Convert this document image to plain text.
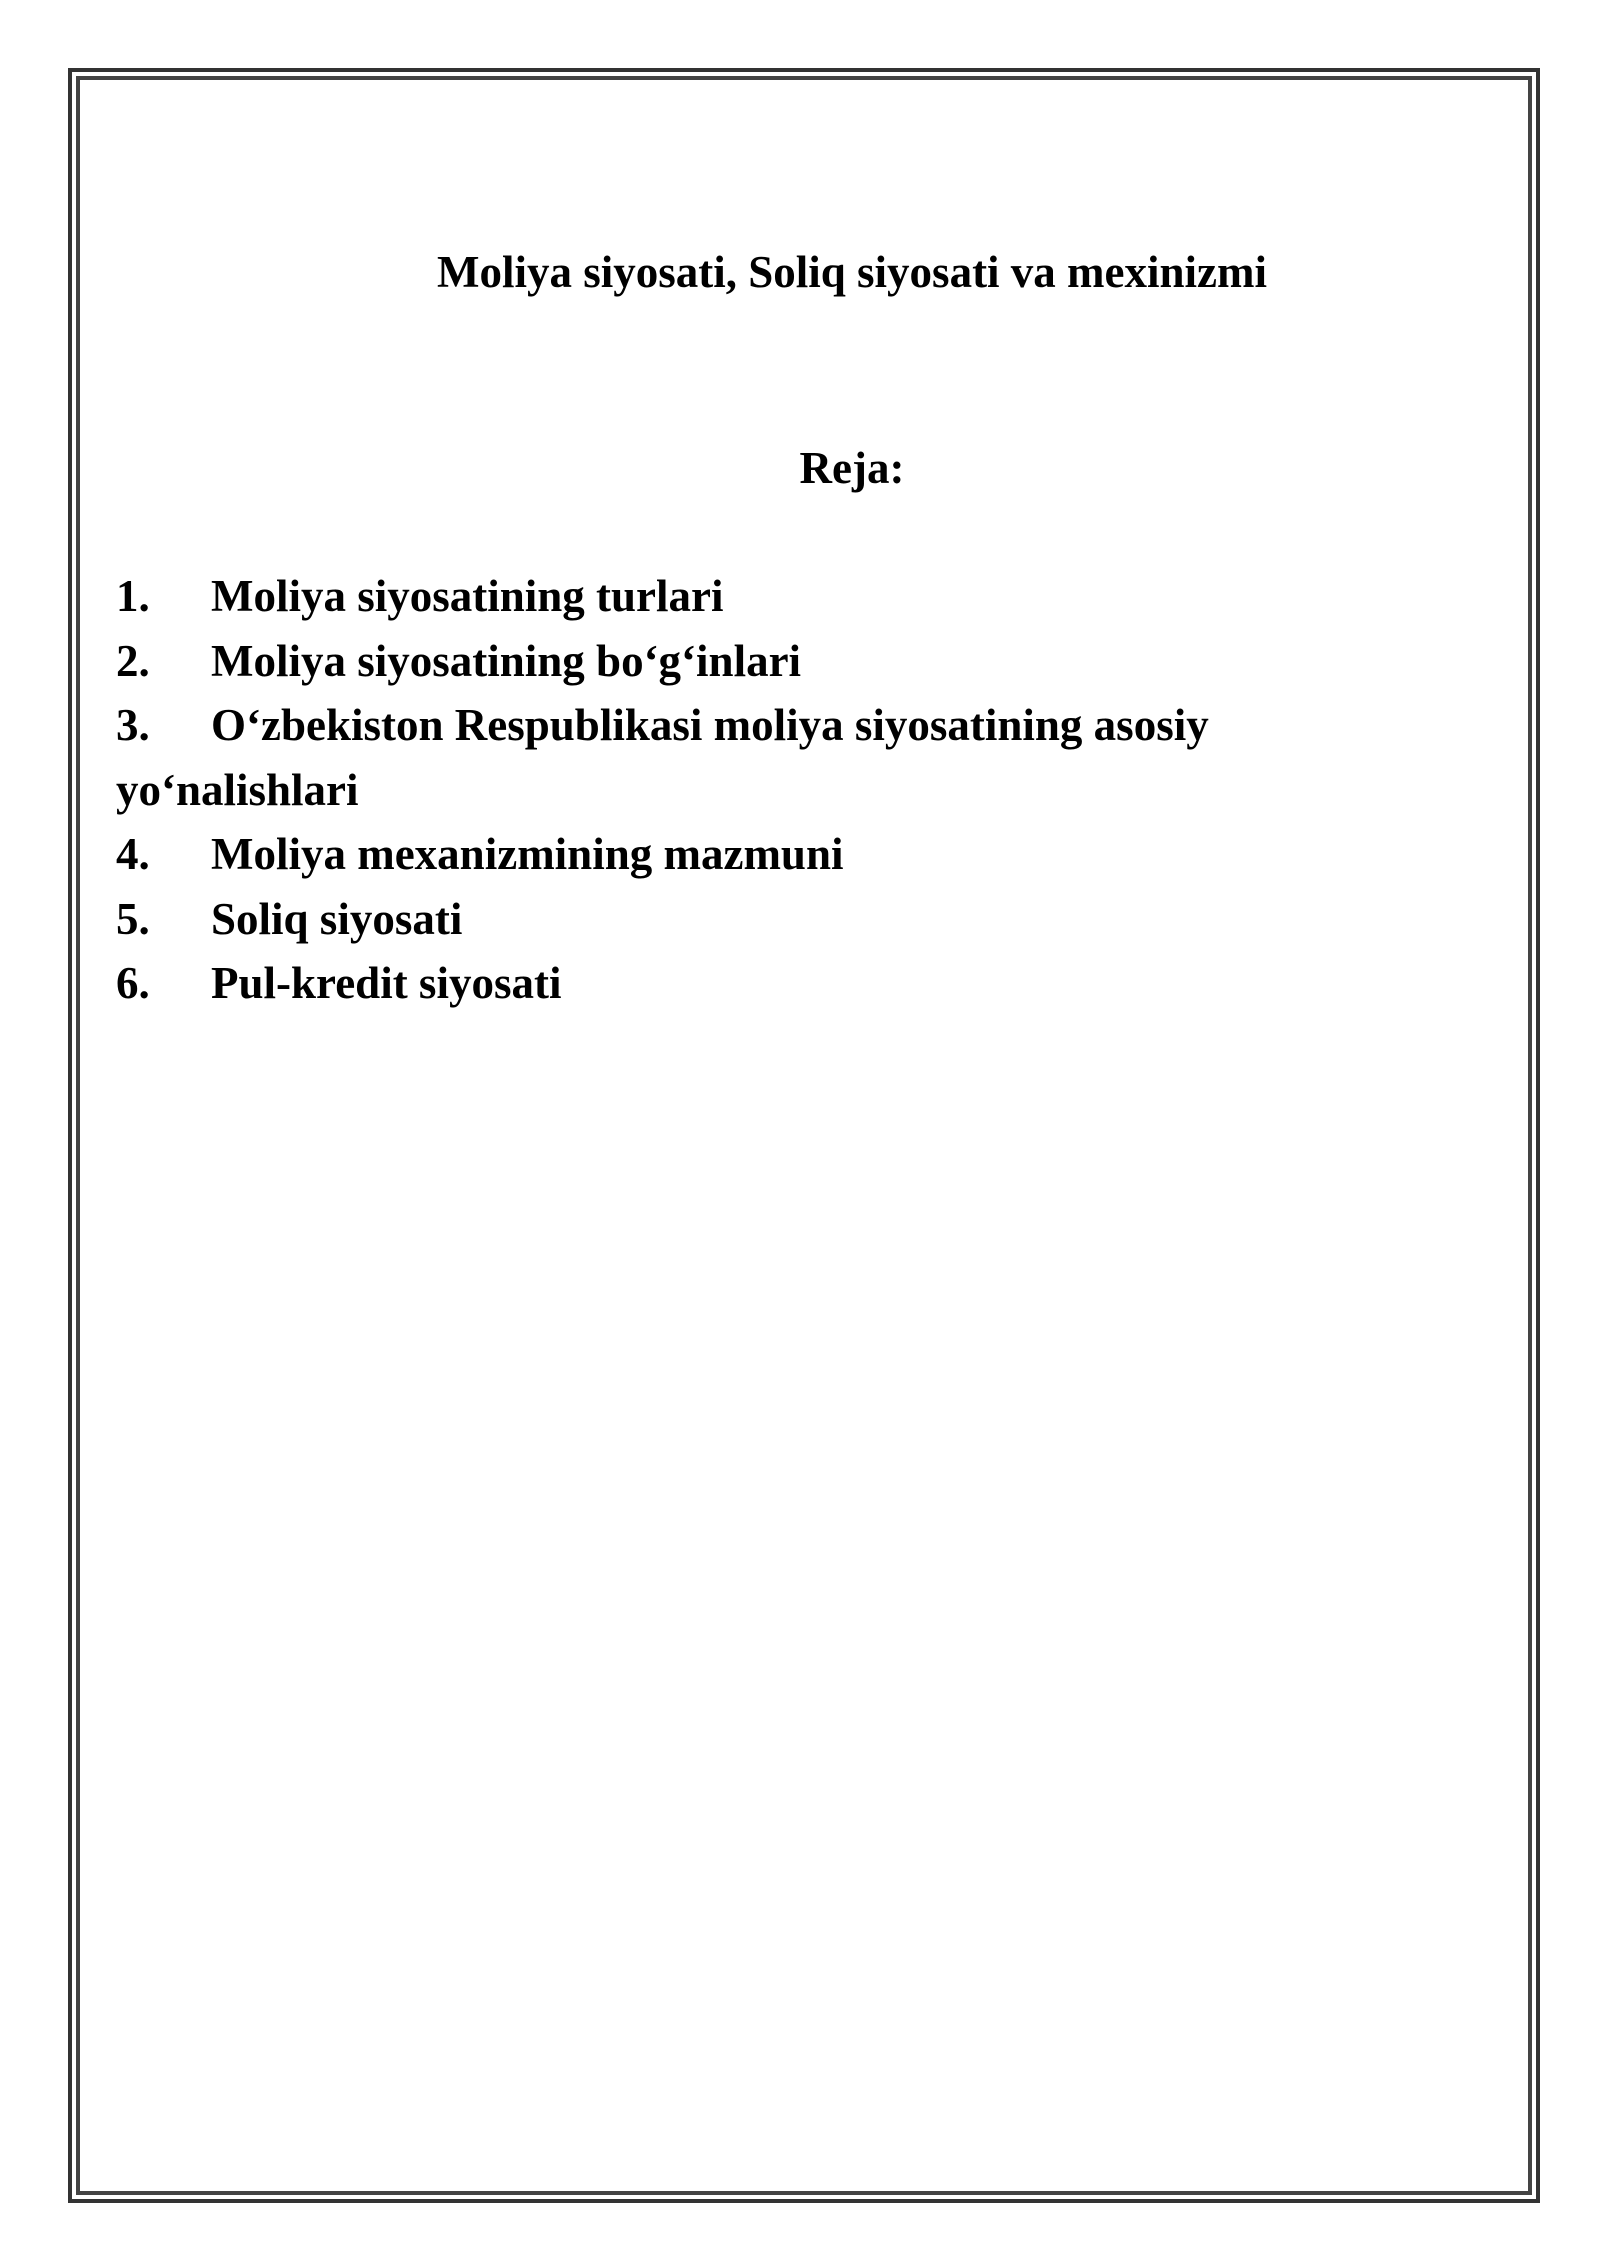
Moliya siyosati, Soliq siyosati va mexinizmi
Reja:
1. Moliya siyosatining turlari
2. Moliya siyosatining bo‘g‘inlari
3. O‘zbekiston Respublikasi moliya siyosatining asosiy yo‘nalishlari
4. Moliya mexanizmining mazmuni
5. Soliq siyosati
6. Pul-kredit siyosati
